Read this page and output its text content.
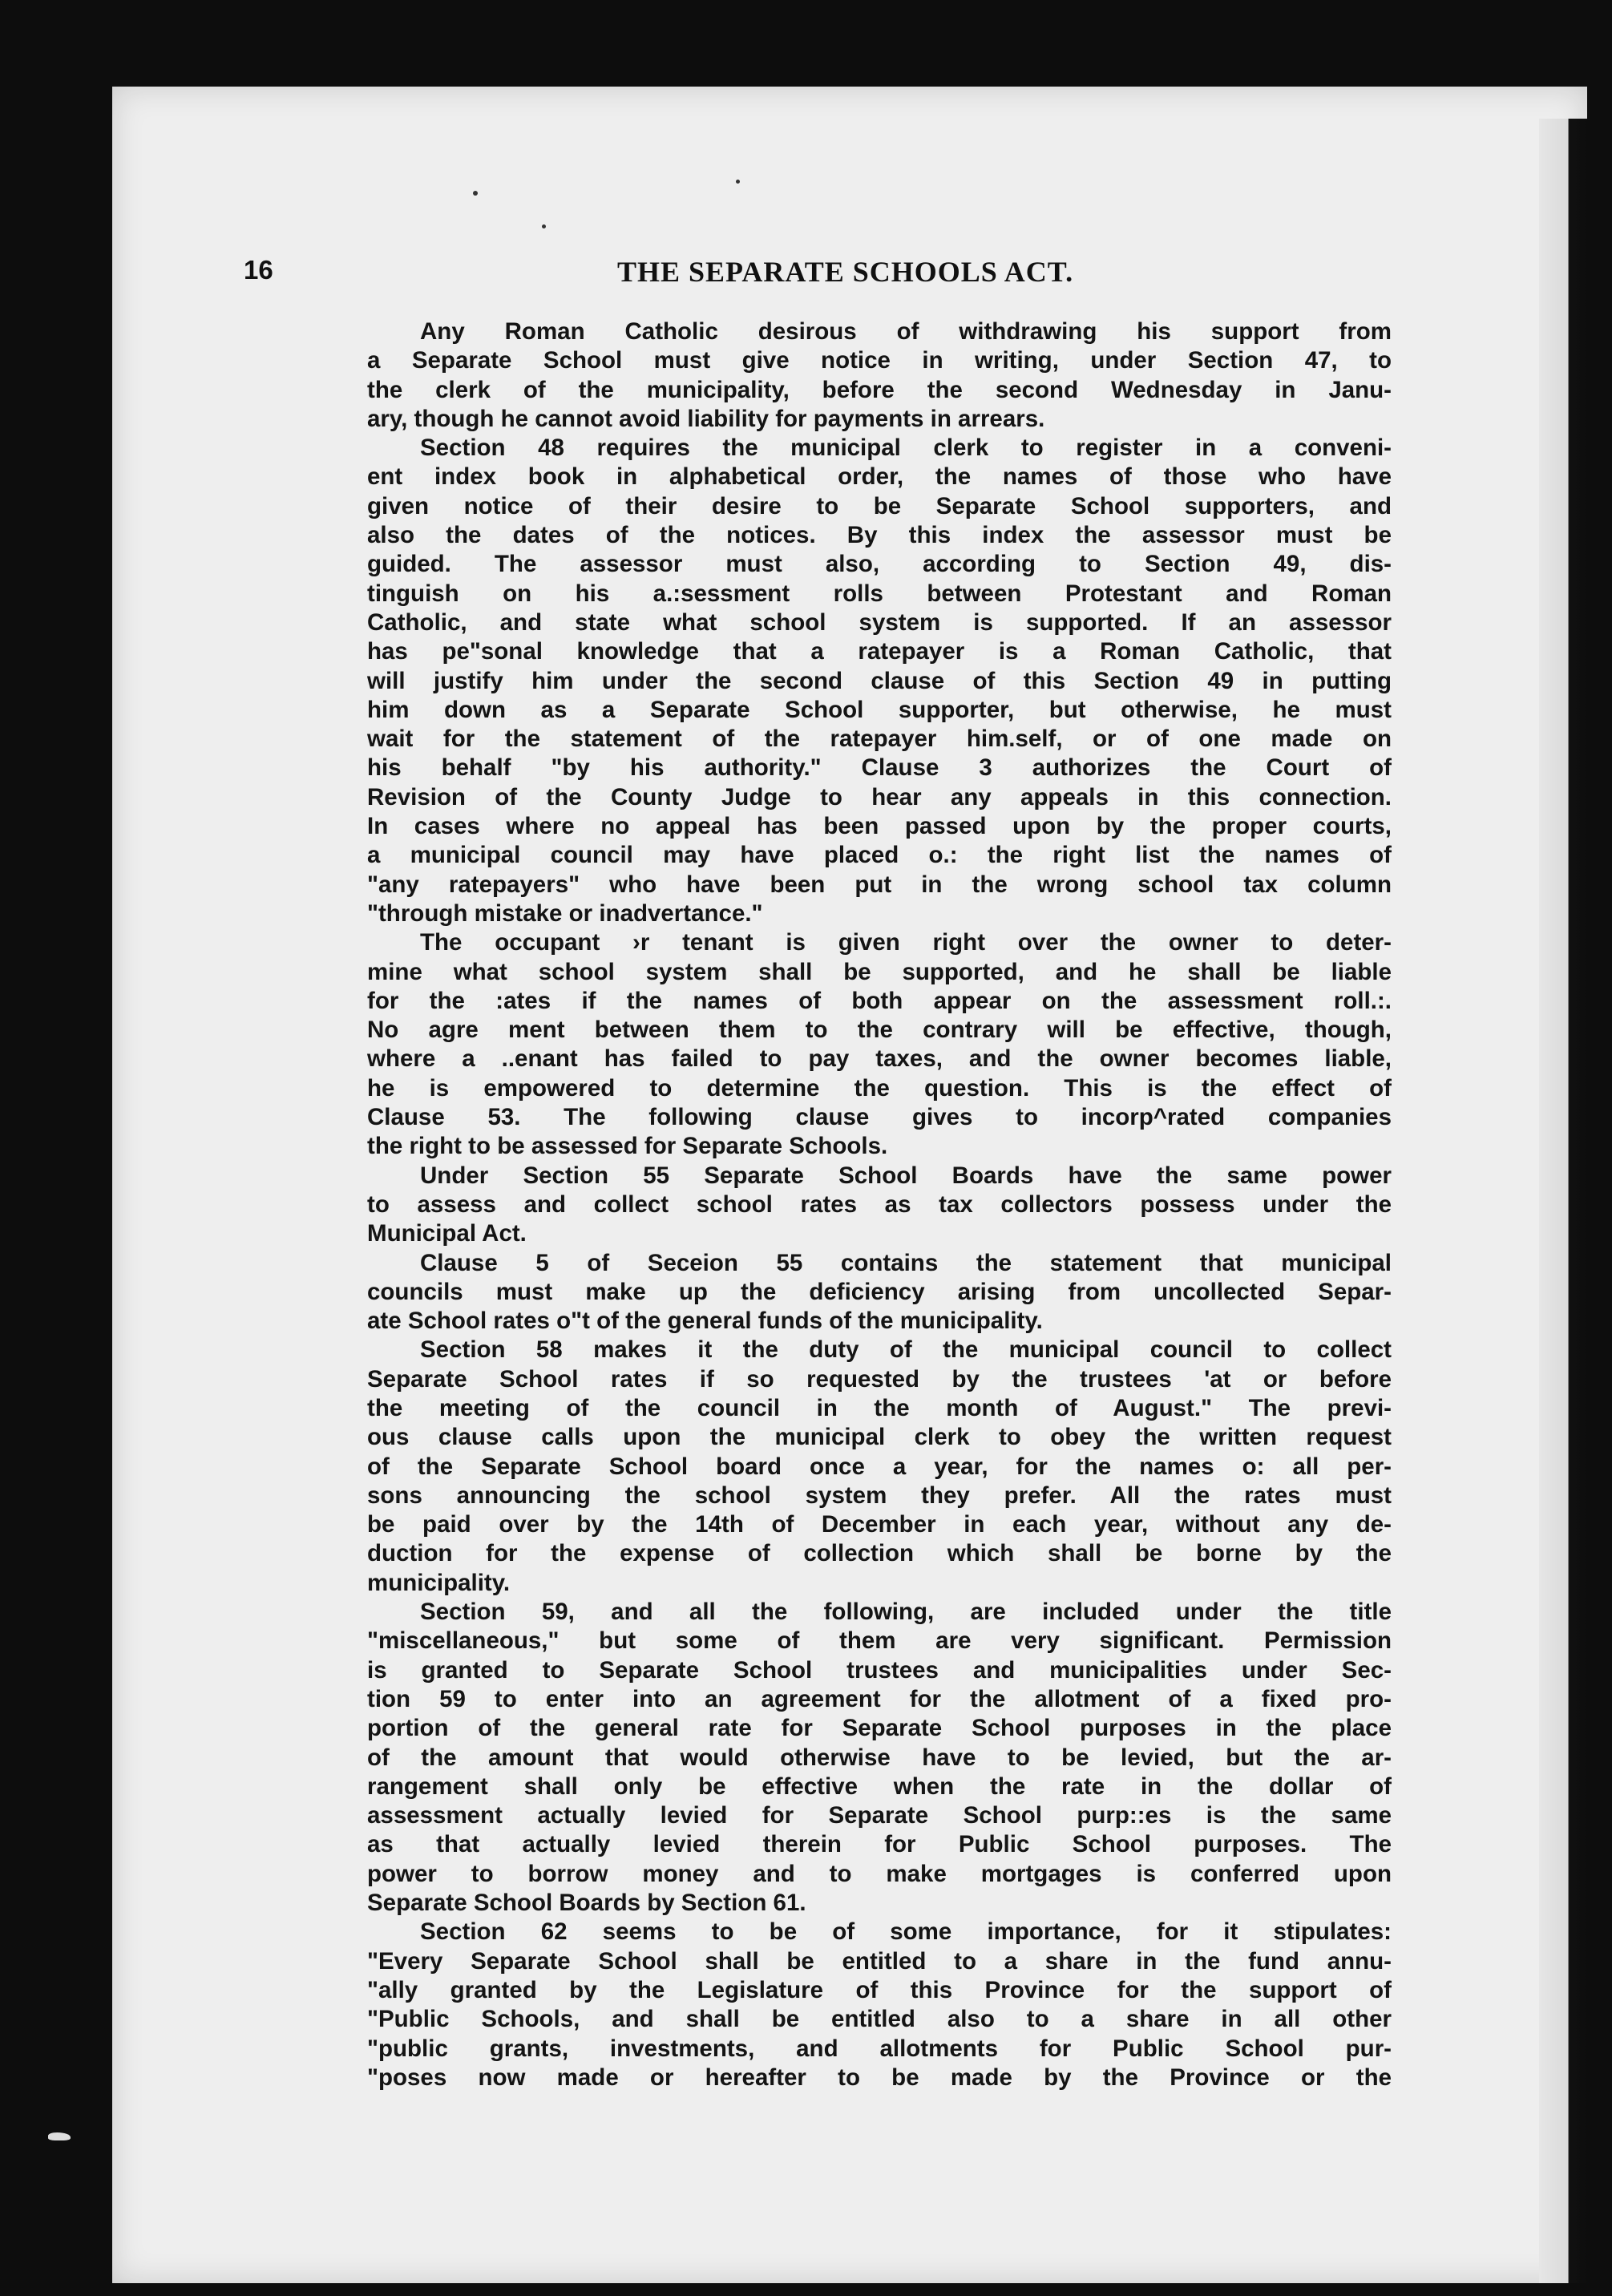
16	THE SEPARATE SCHOOLS ACT.
Any Roman Catholic desirous of withdrawing his support from
a Separate School must give notice in writing, under Section 47, to
the clerk of the municipality, before the second Wednesday in Janu-
ary, though he cannot avoid liability for payments in arrears.
Section 48 requires the municipal clerk to register in a conveni-
ent index book in alphabetical order, the names of those who have
given notice of their desire to be Separate School supporters, and
also the dates of the notices. By this index the assessor must be
guided. The assessor must also, according to Section 49, dis-
tinguish on his a.:sessment rolls between Protestant and Roman
Catholic, and state what school system is supported. If an assessor
has pe"sonal knowledge that a ratepayer is a Roman Catholic, that
will justify him under the second clause of this Section 49 in putting
him down as a Separate School supporter, but otherwise, he must
wait for the statement of the ratepayer him.self, or of one made on
his behalf "by his authority." Clause 3 authorizes the Court of
Revision of the County Judge to hear any appeals in this connection.
In cases where no appeal has been passed upon by the proper courts,
a municipal council may have placed o.: the right list the names of
"any ratepayers" who have been put in the wrong school tax column
"through mistake or inadvertance."
The occupant ›r tenant is given right over the owner to deter-
mine what school system shall be supported, and he shall be liable
for the :ates if the names of both appear on the assessment roll.:.
No agre ment between them to the contrary will be effective, though,
where a ..enant has failed to pay taxes, and the owner becomes liable,
he is empowered to determine the question. This is the effect of
Clause 53. The following clause gives to incorp^rated companies
the right to be assessed for Separate Schools.
Under Section 55 Separate School Boards have the same power
to assess and collect school rates as tax collectors possess under the
Municipal Act.
Clause 5 of Seceion 55 contains the statement that municipal
councils must make up the deficiency arising from uncollected Separ-
ate School rates o"t of the general funds of the municipality.
Section 58 makes it the duty of the municipal council to collect
Separate School rates if so requested by the trustees 'at or before
the meeting of the council in the month of August." The previ-
ous clause calls upon the municipal clerk to obey the written request
of the Separate School board once a year, for the names o: all per-
sons announcing the school system they prefer. All the rates must
be paid over by the 14th of December in each year, without any de-
duction for the expense of collection which shall be borne by the
municipality.
Section 59, and all the following, are included under the title
"miscellaneous," but some of them are very significant. Permission
is granted to Separate School trustees and municipalities under Sec-
tion 59 to enter into an agreement for the allotment of a fixed pro-
portion of the general rate for Separate School purposes in the place
of the amount that would otherwise have to be levied, but the ar-
rangement shall only be effective when the rate in the dollar of
assessment actually levied for Separate School purp::es is the same
as that actually levied therein for Public School purposes. The
power to borrow money and to make mortgages is conferred upon
Separate School Boards by Section 61.
Section 62 seems to be of some importance, for it stipulates:
"Every Separate School shall be entitled to a share in the fund annu-
"ally granted by the Legislature of this Province for the support of
"Public Schools, and shall be entitled also to a share in all other
"public grants, investments, and allotments for Public School pur-
"poses now made or hereafter to be made by the Province or the
